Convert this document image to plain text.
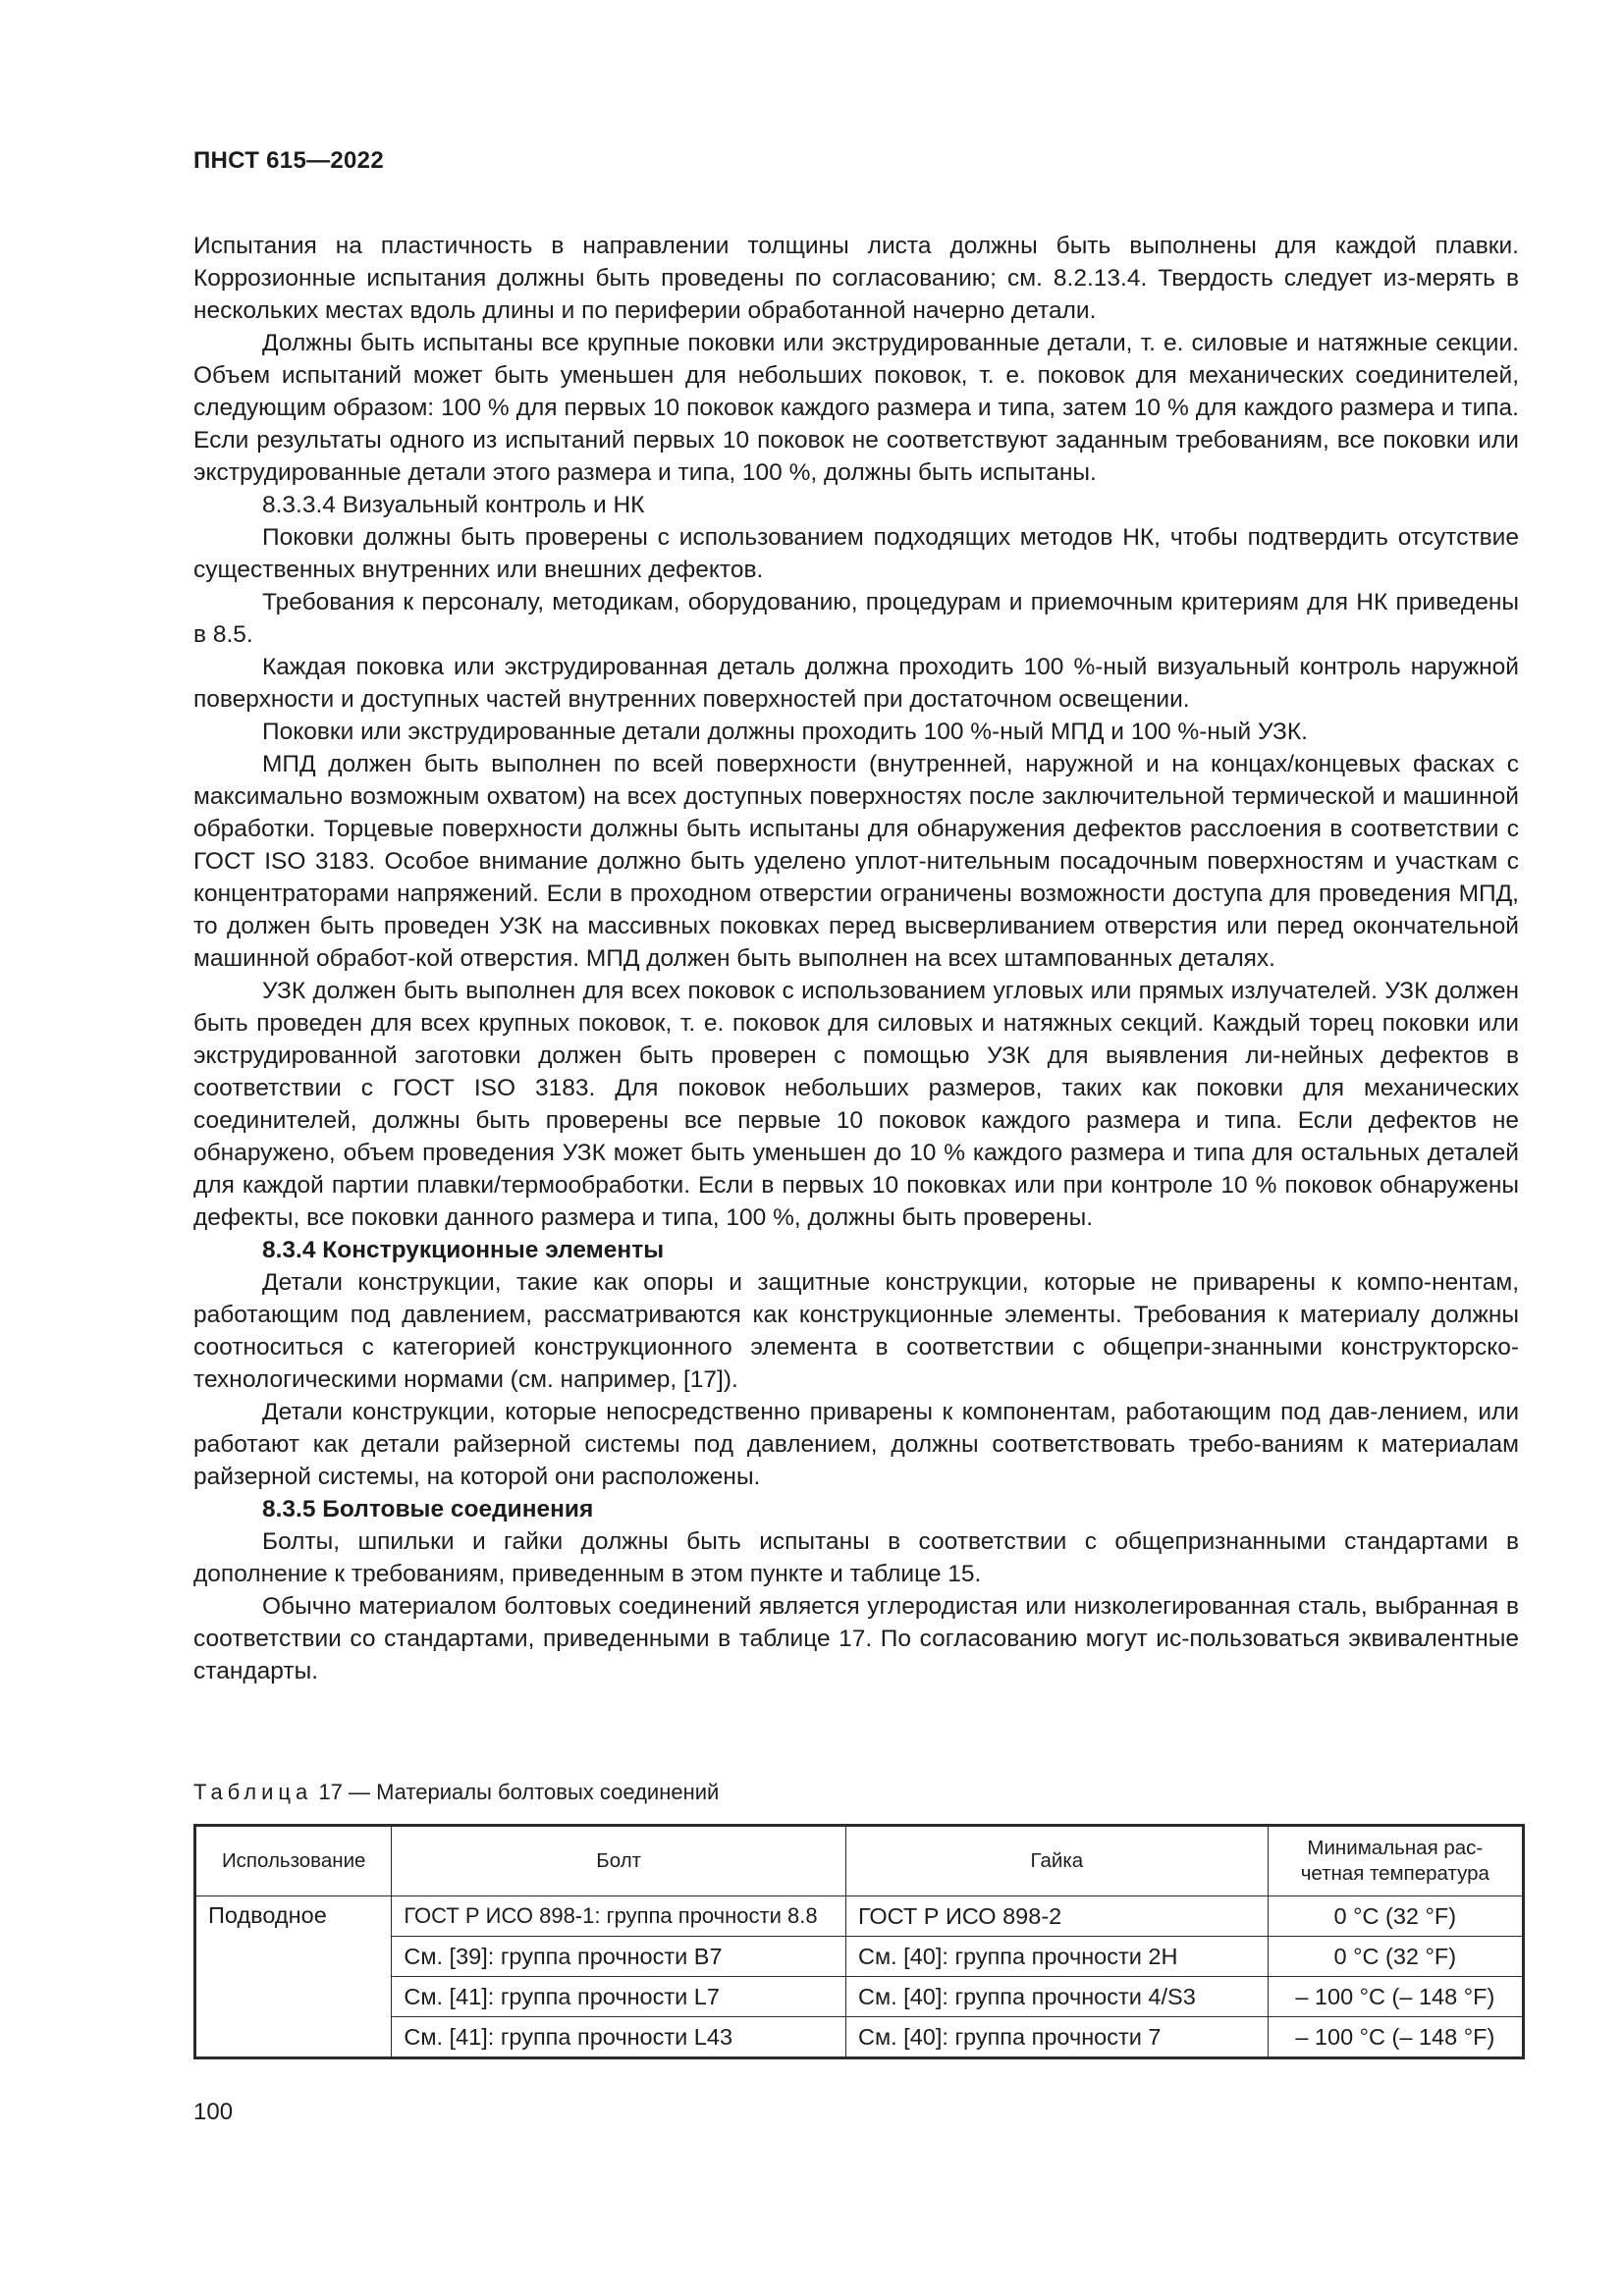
ПНСТ 615—2022

Испытания на пластичность в направлении толщины листа должны быть выполнены для каждой плавки. Коррозионные испытания должны быть проведены по согласованию; см. 8.2.13.4. Твердость следует из-мерять в нескольких местах вдоль длины и по периферии обработанной начерно детали.

Должны быть испытаны все крупные поковки или экструдированные детали, т. е. силовые и натяжные секции. Объем испытаний может быть уменьшен для небольших поковок, т. е. поковок для механических соединителей, следующим образом: 100 % для первых 10 поковок каждого размера и типа, затем 10 % для каждого размера и типа. Если результаты одного из испытаний первых 10 поковок не соответствуют заданным требованиям, все поковки или экструдированные детали этого размера и типа, 100 %, должны быть испытаны.

8.3.3.4 Визуальный контроль и НК

Поковки должны быть проверены с использованием подходящих методов НК, чтобы подтвердить отсутствие существенных внутренних или внешних дефектов.

Требования к персоналу, методикам, оборудованию, процедурам и приемочным критериям для НК приведены в 8.5.

Каждая поковка или экструдированная деталь должна проходить 100 %-ный визуальный контроль наружной поверхности и доступных частей внутренних поверхностей при достаточном освещении.

Поковки или экструдированные детали должны проходить 100 %-ный МПД и 100 %-ный УЗК.

МПД должен быть выполнен по всей поверхности (внутренней, наружной и на концах/концевых фасках с максимально возможным охватом) на всех доступных поверхностях после заключительной термической и машинной обработки. Торцевые поверхности должны быть испытаны для обнаружения дефектов расслоения в соответствии с ГОСТ ISO 3183. Особое внимание должно быть уделено уплот-нительным посадочным поверхностям и участкам с концентраторами напряжений. Если в проходном отверстии ограничены возможности доступа для проведения МПД, то должен быть проведен УЗК на массивных поковках перед высверливанием отверстия или перед окончательной машинной обработ-кой отверстия. МПД должен быть выполнен на всех штампованных деталях.

УЗК должен быть выполнен для всех поковок с использованием угловых или прямых излучателей. УЗК должен быть проведен для всех крупных поковок, т. е. поковок для силовых и натяжных секций. Каждый торец поковки или экструдированной заготовки должен быть проверен с помощью УЗК для выявления ли-нейных дефектов в соответствии с ГОСТ ISO 3183. Для поковок небольших размеров, таких как поковки для механических соединителей, должны быть проверены все первые 10 поковок каждого размера и типа. Если дефектов не обнаружено, объем проведения УЗК может быть уменьшен до 10 % каждого размера и типа для остальных деталей для каждой партии плавки/термообработки. Если в первых 10 поковках или при контроле 10 % поковок обнаружены дефекты, все поковки данного размера и типа, 100 %, должны быть проверены.

8.3.4 Конструкционные элементы

Детали конструкции, такие как опоры и защитные конструкции, которые не приварены к компо-нентам, работающим под давлением, рассматриваются как конструкционные элементы. Требования к материалу должны соотноситься с категорией конструкционного элемента в соответствии с общепри-знанными конструкторско-технологическими нормами (см. например, [17]).

Детали конструкции, которые непосредственно приварены к компонентам, работающим под дав-лением, или работают как детали райзерной системы под давлением, должны соответствовать требо-ваниям к материалам райзерной системы, на которой они расположены.

8.3.5 Болтовые соединения

Болты, шпильки и гайки должны быть испытаны в соответствии с общепризнанными стандартами в дополнение к требованиям, приведенным в этом пункте и таблице 15.

Обычно материалом болтовых соединений является углеродистая или низколегированная сталь, выбранная в соответствии со стандартами, приведенными в таблице 17. По согласованию могут ис-пользоваться эквивалентные стандарты.

Таблица 17 — Материалы болтовых соединений
Использование	Болт	Гайка	Минимальная рас-четная температура
Подводное	ГОСТ Р ИСО 898-1: группа прочности 8.8	ГОСТ Р ИСО 898-2	0 °C (32 °F)
	См. [39]: группа прочности B7	См. [40]: группа прочности 2H	0 °C (32 °F)
	См. [41]: группа прочности L7	См. [40]: группа прочности 4/S3	– 100 °C (– 148 °F)
	См. [41]: группа прочности L43	См. [40]: группа прочности 7	– 100 °C (– 148 °F)
100
